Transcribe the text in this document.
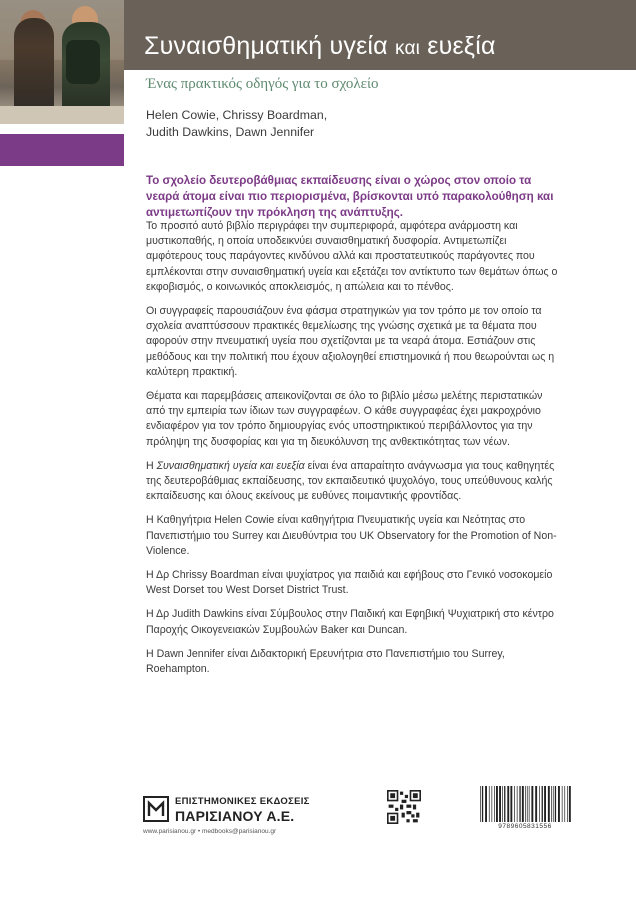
Συναισθηματική υγεία και ευεξία
Ένας πρακτικός οδηγός για το σχολείο
Helen Cowie, Chrissy Boardman,
Judith Dawkins, Dawn Jennifer
Το σχολείο δευτεροβάθμιας εκπαίδευσης είναι ο χώρος στον οποίο τα νεαρά άτομα είναι πιο περιορισμένα, βρίσκονται υπό παρακολούθηση και αντιμετωπίζουν την πρόκληση της ανάπτυξης.

Το προσιτό αυτό βιβλίο περιγράφει την συμπεριφορά, αμφότερα ανάρμοστη και μυστικοπαθής, η οποία υποδεικνύει συναισθηματική δυσφορία. Αντιμετωπίζει αμφότερους τους παράγοντες κινδύνου αλλά και προστατευτικούς παράγοντες που εμπλέκονται στην συναισθηματική υγεία και εξετάζει τον αντίκτυπο των θεμάτων όπως ο εκφοβισμός, ο κοινωνικός αποκλεισμός, η απώλεια και το πένθος.

Οι συγγραφείς παρουσιάζουν ένα φάσμα στρατηγικών για τον τρόπο με τον οποίο τα σχολεία αναπτύσσουν πρακτικές θεμελίωσης της γνώσης σχετικά με τα θέματα που αφορούν στην πνευματική υγεία που σχετίζονται με τα νεαρά άτομα. Εστιάζουν στις μεθόδους και την πολιτική που έχουν αξιολογηθεί επιστημονικά ή που θεωρούνται ως η καλύτερη πρακτική.

Θέματα και παρεμβάσεις απεικονίζονται σε όλο το βιβλίο μέσω μελέτης περιστατικών από την εμπειρία των ίδιων των συγγραφέων. Ο κάθε συγγραφέας έχει μακροχρόνιο ενδιαφέρον για τον τρόπο δημιουργίας ενός υποστηρικτικού περιβάλλοντος για την πρόληψη της δυσφορίας και για τη διευκόλυνση της ανθεκτικότητας των νέων.

Η Συναισθηματική υγεία και ευεξία είναι ένα απαραίτητο ανάγνωσμα για τους καθηγητές της δευτεροβάθμιας εκπαίδευσης, τον εκπαιδευτικό ψυχολόγο, τους υπεύθυνους καλής εκπαίδευσης και όλους εκείνους με ευθύνες ποιμαντικής φροντίδας.

Η Καθηγήτρια Helen Cowie είναι καθηγήτρια Πνευματικής υγεία και Νεότητας στο Πανεπιστήμιο του Surrey και Διευθύντρια του UK Observatory for the Promotion of Non-Violence.

Η Δρ Chrissy Boardman είναι ψυχίατρος για παιδιά και εφήβους στο Γενικό νοσοκομείο West Dorset του West Dorset District Trust.

Η Δρ Judith Dawkins είναι Σύμβουλος στην Παιδική και Εφηβική Ψυχιατρική στο κέντρο Παροχής Οικογενειακών Συμβουλών Baker και Duncan.

Η Dawn Jennifer είναι Διδακτορική Ερευνήτρια στο Πανεπιστήμιο του Surrey, Roehampton.

ΕΠΙΣΤΗΜΟΝΙΚΕΣ ΕΚΔΟΣΕΙΣ
ΠΑΡΙΣΙΑΝΟΥ Α.Ε.
www.parisianou.gr • medbooks@parisianou.gr
9789605831556
